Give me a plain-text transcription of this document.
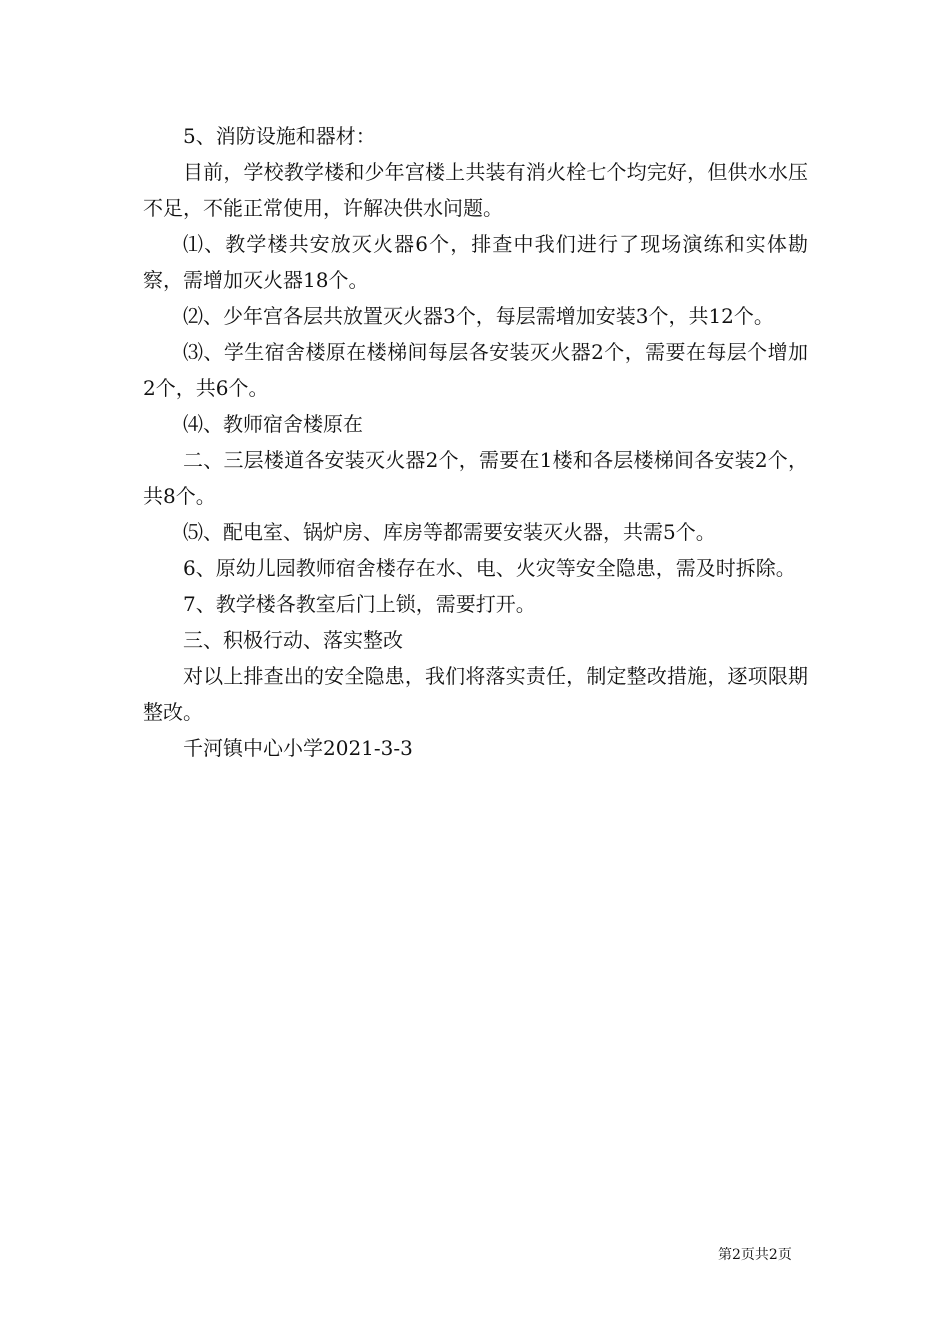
5、消防设施和器材：

目前，学校教学楼和少年宫楼上共装有消火栓七个均完好，但供水水压不足，不能正常使用，许解决供水问题。

⑴、教学楼共安放灭火器6个，排查中我们进行了现场演练和实体勘察，需增加灭火器18个。

⑵、少年宫各层共放置灭火器3个，每层需增加安装3个，共12个。

⑶、学生宿舍楼原在楼梯间每层各安装灭火器2个，需要在每层个增加2个，共6个。

⑷、教师宿舍楼原在

二、三层楼道各安装灭火器2个，需要在1楼和各层楼梯间各安装2个，共8个。

⑸、配电室、锅炉房、库房等都需要安装灭火器，共需5个。

6、原幼儿园教师宿舍楼存在水、电、火灾等安全隐患，需及时拆除。

7、教学楼各教室后门上锁，需要打开。

三、积极行动、落实整改

对以上排查出的安全隐患，我们将落实责任，制定整改措施，逐项限期整改。

千河镇中心小学2021-3-3

第2页共2页
